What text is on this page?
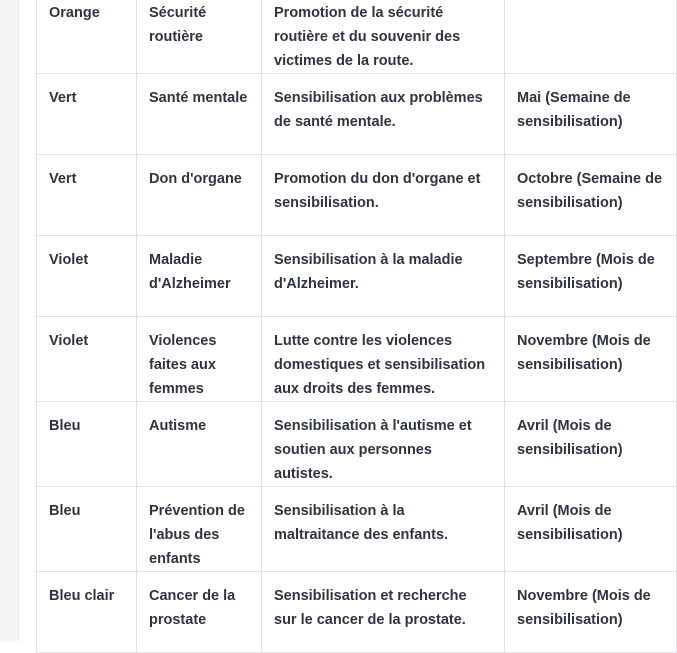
Orange	Sécurité routière	Promotion de la sécurité routière et du souvenir des victimes de la route.	
Vert	Santé mentale	Sensibilisation aux problèmes de santé mentale.	Mai (Semaine de sensibilisation)
Vert	Don d'organe	Promotion du don d'organe et sensibilisation.	Octobre (Semaine de sensibilisation)
Violet	Maladie d'Alzheimer	Sensibilisation à la maladie d'Alzheimer.	Septembre (Mois de sensibilisation)
Violet	Violences faites aux femmes	Lutte contre les violences domestiques et sensibilisation aux droits des femmes.	Novembre (Mois de sensibilisation)
Bleu	Autisme	Sensibilisation à l'autisme et soutien aux personnes autistes.	Avril (Mois de sensibilisation)
Bleu	Prévention de l'abus des enfants	Sensibilisation à la maltraitance des enfants.	Avril (Mois de sensibilisation)
Bleu clair	Cancer de la prostate	Sensibilisation et recherche sur le cancer de la prostate.	Novembre (Mois de sensibilisation)
